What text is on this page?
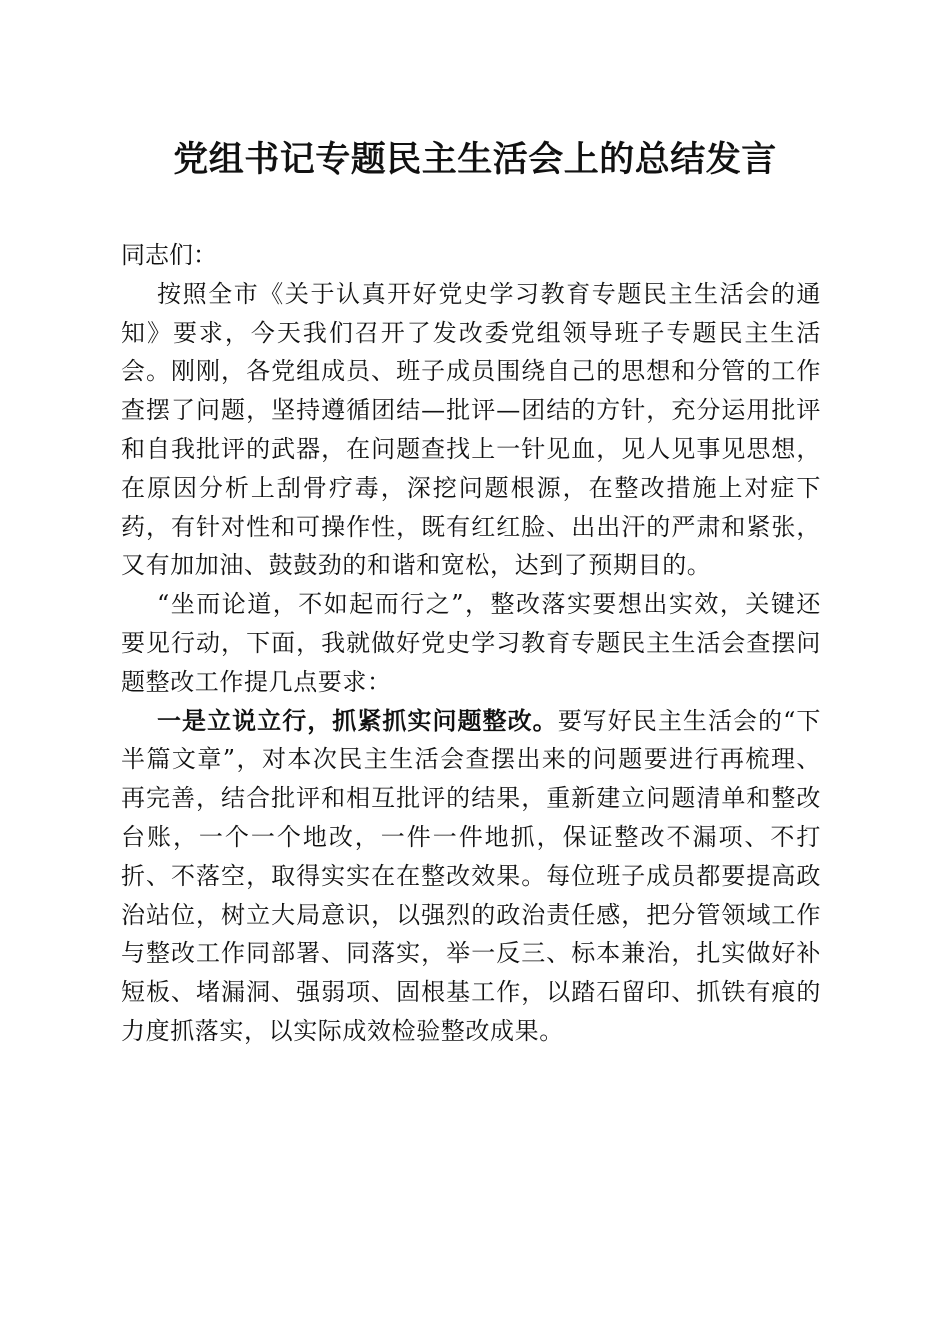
党组书记专题民主生活会上的总结发言

同志们：

按照全市《关于认真开好党史学习教育专题民主生活会的通知》要求，今天我们召开了发改委党组领导班子专题民主生活会。刚刚，各党组成员、班子成员围绕自己的思想和分管的工作查摆了问题，坚持遵循团结—批评—团结的方针，充分运用批评和自我批评的武器，在问题查找上一针见血，见人见事见思想，在原因分析上刮骨疗毒，深挖问题根源，在整改措施上对症下药，有针对性和可操作性，既有红红脸、出出汗的严肃和紧张，又有加加油、鼓鼓劲的和谐和宽松，达到了预期目的。

“坐而论道，不如起而行之”，整改落实要想出实效，关键还要见行动，下面，我就做好党史学习教育专题民主生活会查摆问题整改工作提几点要求：

一是立说立行，抓紧抓实问题整改。要写好民主生活会的“下半篇文章”，对本次民主生活会查摆出来的问题要进行再梳理、再完善，结合批评和相互批评的结果，重新建立问题清单和整改台账，一个一个地改，一件一件地抓，保证整改不漏项、不打折、不落空，取得实实在在整改效果。每位班子成员都要提高政治站位，树立大局意识，以强烈的政治责任感，把分管领域工作与整改工作同部署、同落实，举一反三、标本兼治，扎实做好补短板、堵漏洞、强弱项、固根基工作，以踏石留印、抓铁有痕的力度抓落实，以实际成效检验整改成果。
